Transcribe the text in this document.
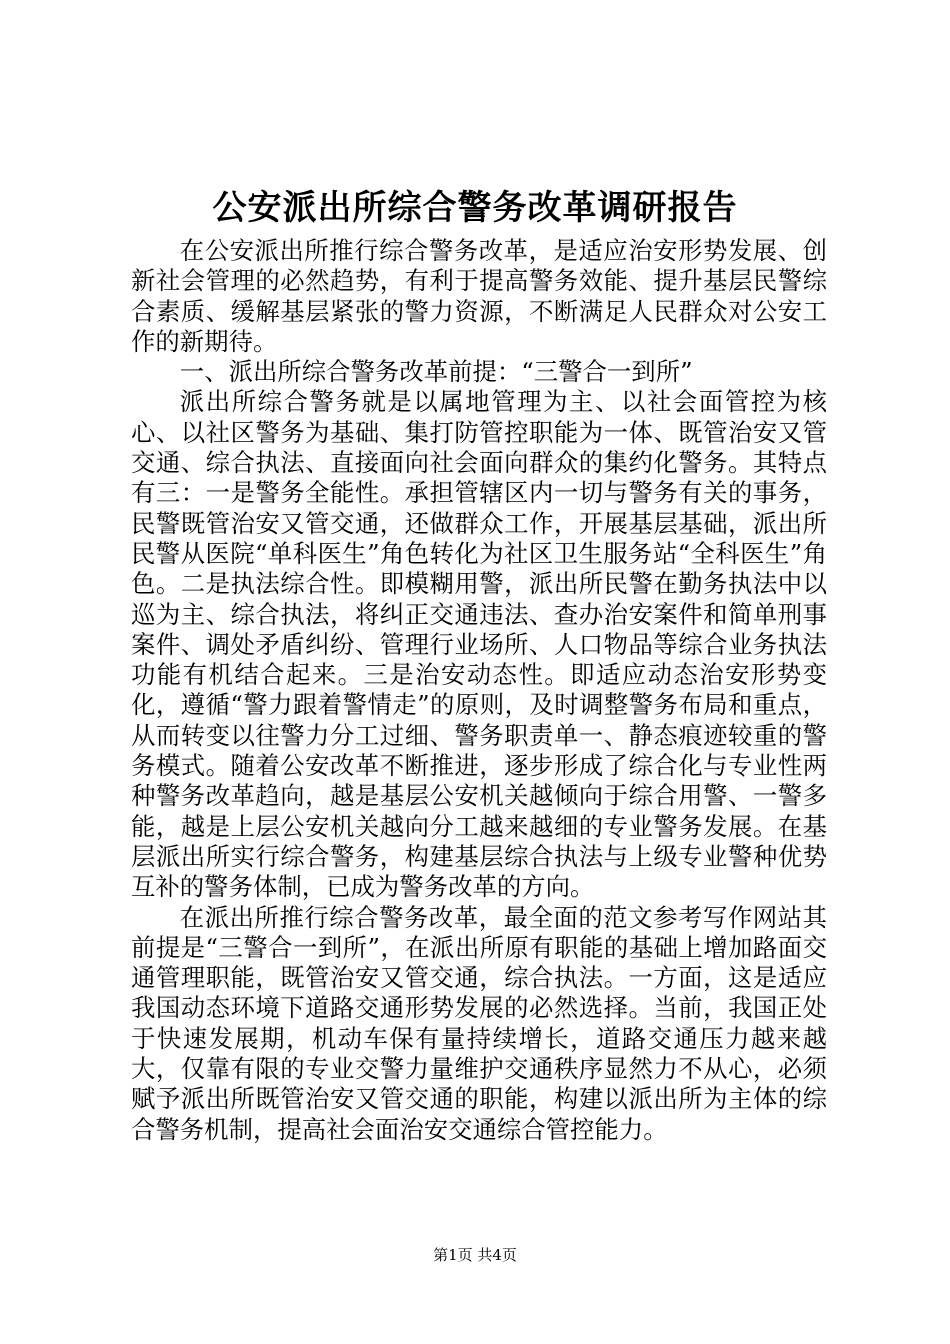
公安派出所综合警务改革调研报告

在公安派出所推行综合警务改革，是适应治安形势发展、创新社会管理的必然趋势，有利于提高警务效能、提升基层民警综合素质、缓解基层紧张的警力资源，不断满足人民群众对公安工作的新期待。

一、派出所综合警务改革前提：“三警合一到所”

派出所综合警务就是以属地管理为主、以社会面管控为核心、以社区警务为基础、集打防管控职能为一体、既管治安又管交通、综合执法、直接面向社会面向群众的集约化警务。其特点有三：一是警务全能性。承担管辖区内一切与警务有关的事务，民警既管治安又管交通，还做群众工作，开展基层基础，派出所民警从医院“单科医生”角色转化为社区卫生服务站“全科医生”角色。二是执法综合性。即模糊用警，派出所民警在勤务执法中以巡为主、综合执法，将纠正交通违法、查办治安案件和简单刑事案件、调处矛盾纠纷、管理行业场所、人口物品等综合业务执法功能有机结合起来。三是治安动态性。即适应动态治安形势变化，遵循“警力跟着警情走”的原则，及时调整警务布局和重点，从而转变以往警力分工过细、警务职责单一、静态痕迹较重的警务模式。随着公安改革不断推进，逐步形成了综合化与专业性两种警务改革趋向，越是基层公安机关越倾向于综合用警、一警多能，越是上层公安机关越向分工越来越细的专业警务发展。在基层派出所实行综合警务，构建基层综合执法与上级专业警种优势互补的警务体制，已成为警务改革的方向。

在派出所推行综合警务改革，最全面的范文参考写作网站其前提是“三警合一到所”，在派出所原有职能的基础上增加路面交通管理职能，既管治安又管交通，综合执法。一方面，这是适应我国动态环境下道路交通形势发展的必然选择。当前，我国正处于快速发展期，机动车保有量持续增长，道路交通压力越来越大，仅靠有限的专业交警力量维护交通秩序显然力不从心，必须赋予派出所既管治安又管交通的职能，构建以派出所为主体的综合警务机制，提高社会面治安交通综合管控能力。

第1页 共4页
